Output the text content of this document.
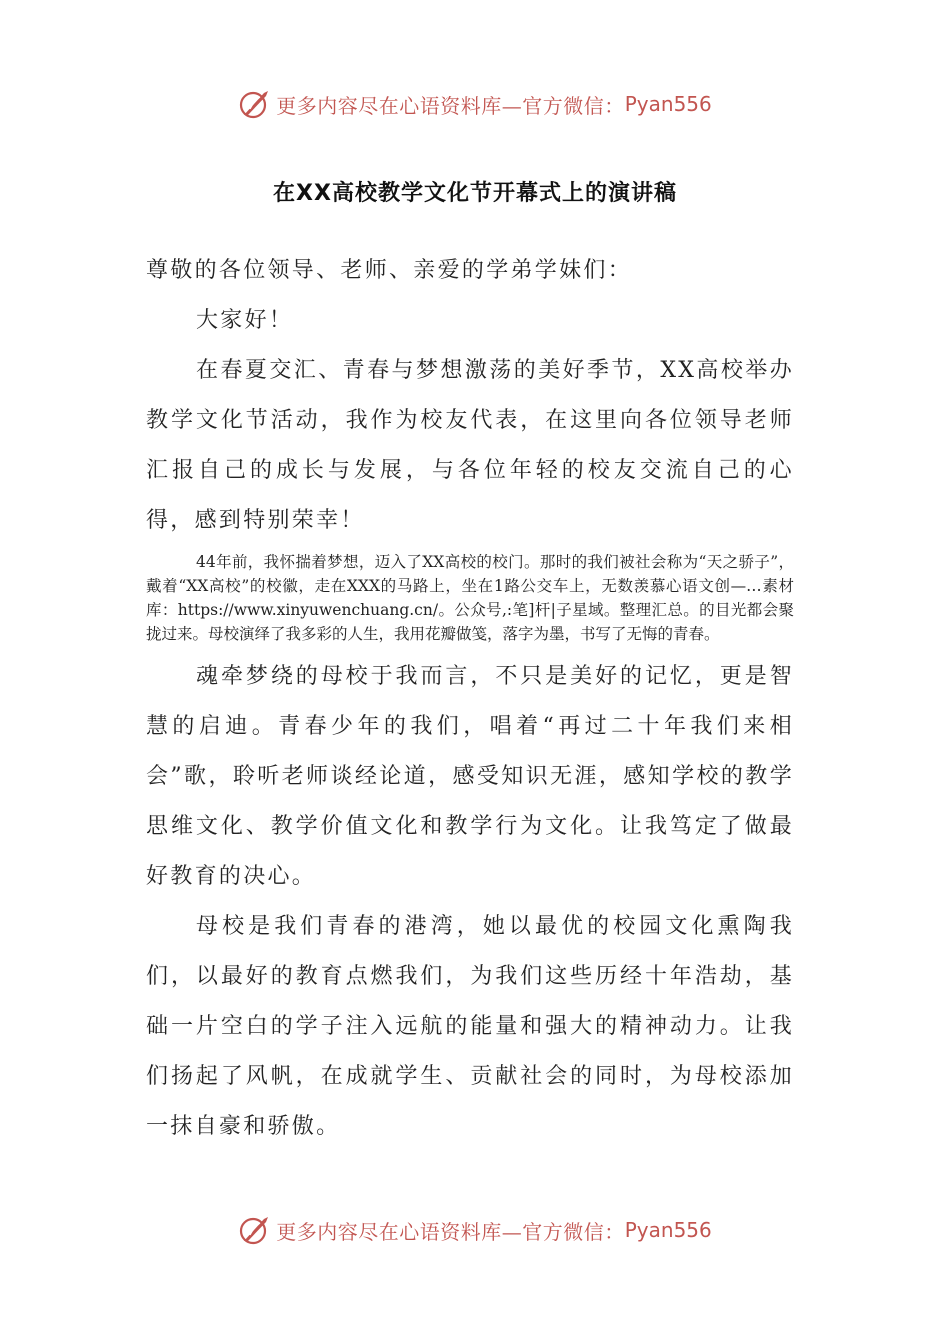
更多内容尽在心语资料库—官方微信： Pyan556
在XX高校教学文化节开幕式上的演讲稿

尊敬的各位领导、老师、亲爱的学弟学妹们：

大家好！

在春夏交汇、青春与梦想激荡的美好季节，XX高校举办教学文化节活动，我作为校友代表，在这里向各位领导老师汇报自己的成长与发展，与各位年轻的校友交流自己的心得，感到特别荣幸！

44年前，我怀揣着梦想，迈入了XX高校的校门。那时的我们被社会称为“天之骄子”，戴着“XX高校”的校徽，走在XXX的马路上，坐在1路公交车上，无数羡慕心语文创—…素材库：https://www.xinyuwenchuang.cn/。公众号,:笔]杆|子星域。整理汇总。的目光都会聚拢过来。母校演绎了我多彩的人生，我用花瓣做笺，落字为墨，书写了无悔的青春。

魂牵梦绕的母校于我而言，不只是美好的记忆，更是智慧的启迪。青春少年的我们，唱着“再过二十年我们来相会”歌，聆听老师谈经论道，感受知识无涯，感知学校的教学思维文化、教学价值文化和教学行为文化。让我笃定了做最好教育的决心。

母校是我们青春的港湾，她以最优的校园文化熏陶我们，以最好的教育点燃我们，为我们这些历经十年浩劫，基础一片空白的学子注入远航的能量和强大的精神动力。让我们扬起了风帆，在成就学生、贡献社会的同时，为母校添加一抹自豪和骄傲。

更多内容尽在心语资料库—官方微信： Pyan556
